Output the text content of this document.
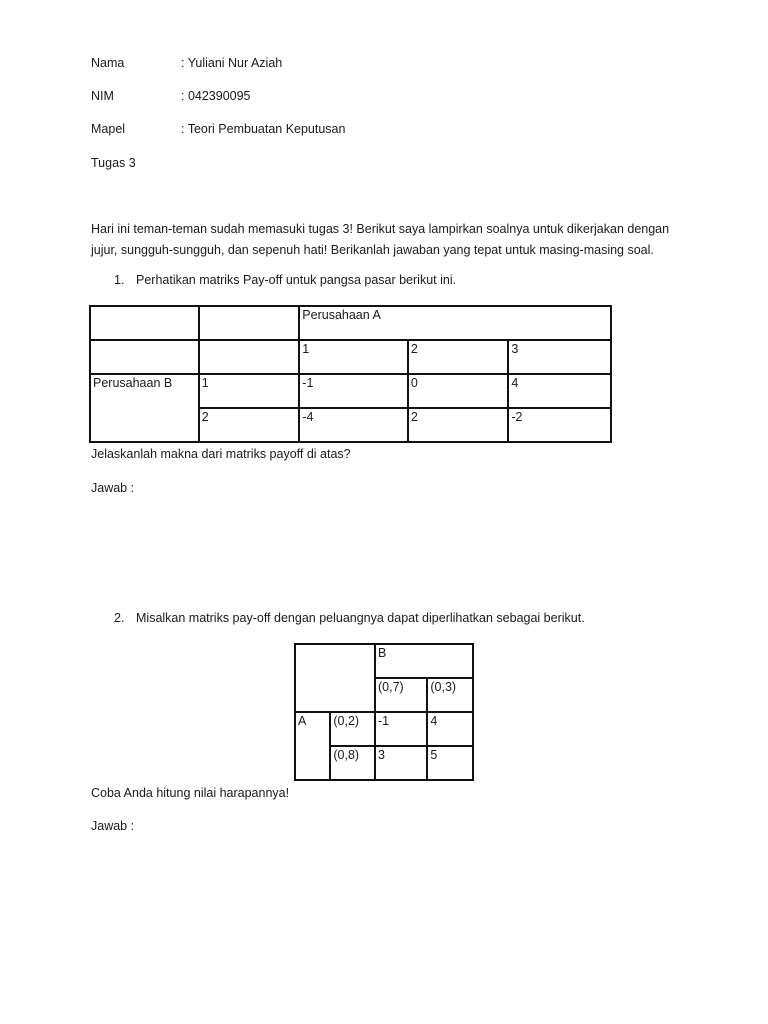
Nama	: Yuliani Nur Aziah
NIM	: 042390095
Mapel	: Teori Pembuatan Keputusan
Tugas 3
Hari ini teman-teman sudah memasuki tugas 3! Berikut saya lampirkan soalnya untuk dikerjakan dengan
jujur, sungguh-sungguh, dan sepenuh hati! Berikanlah jawaban yang tepat untuk masing-masing soal.
1. Perhatikan matriks Pay-off untuk pangsa pasar berikut ini.
		Perusahaan A		
		1	2	3
Perusahaan B	1	-1	0	4
	2	-4	2	-2
Jelaskanlah makna dari matriks payoff di atas?
Jawab :
2. Misalkan matriks pay-off dengan peluangnya dapat diperlihatkan sebagai berikut.
		B	
		(0,7)	(0,3)
A	(0,2)	-1	4
	(0,8)	3	5
Coba Anda hitung nilai harapannya!
Jawab :
